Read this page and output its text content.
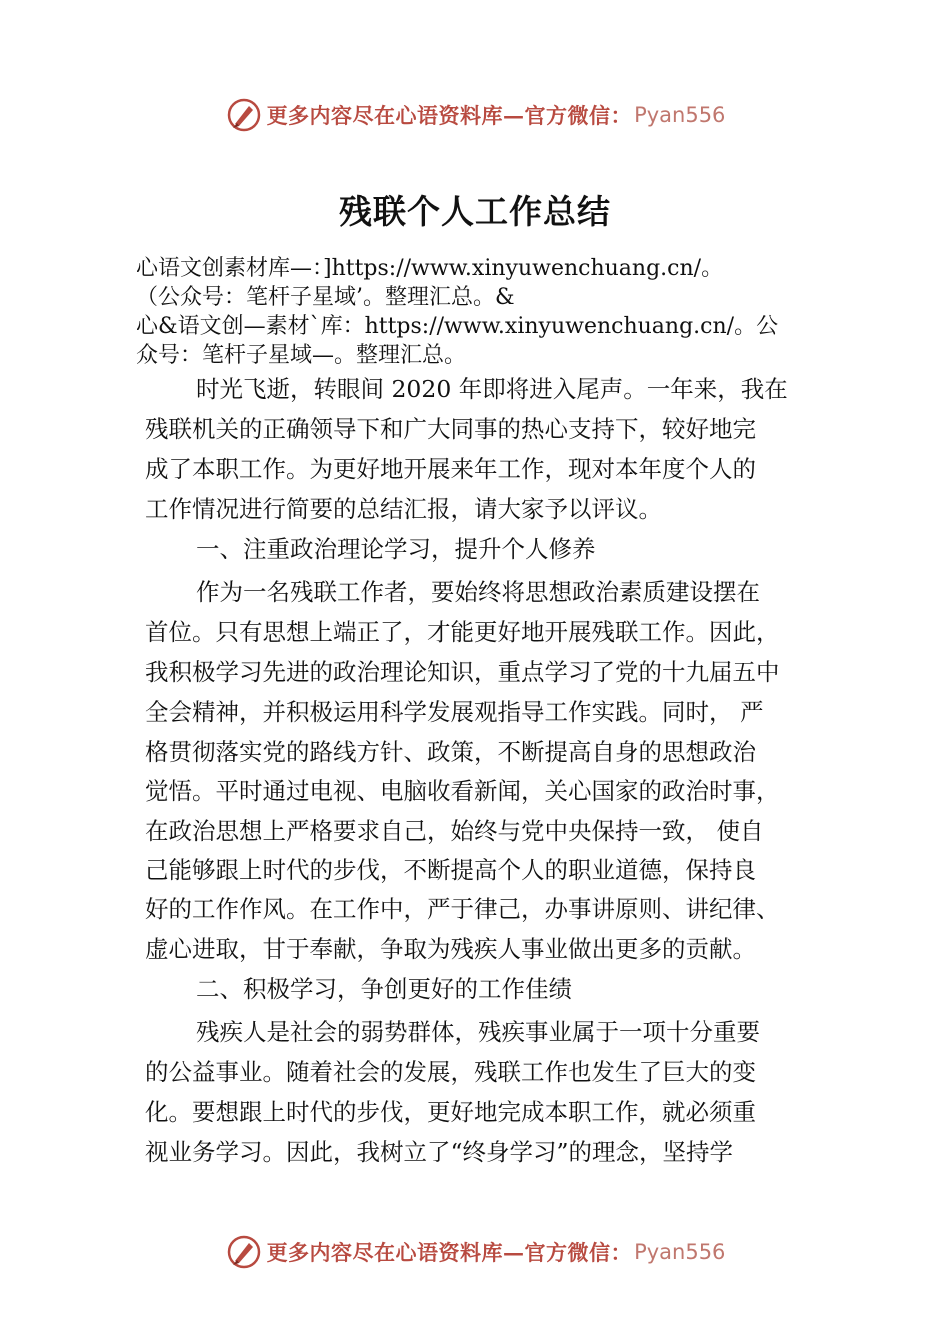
更多内容尽在心语资料库—官方微信： Pyan556
残联个人工作总结
心语文创素材库—：]https://www.xinyuwenchuang.cn/。
（公众号：笔杆子星域’。整理汇总。&
心&语文创—素材`库：https://www.xinyuwenchuang.cn/。公
众号：笔杆子星域—。整理汇总。
时光飞逝，转眼间 2020 年即将进入尾声。一年来，我在
残联机关的正确领导下和广大同事的热心支持下，较好地完
成了本职工作。为更好地开展来年工作，现对本年度个人的
工作情况进行简要的总结汇报，请大家予以评议。
一、注重政治理论学习，提升个人修养
作为一名残联工作者，要始终将思想政治素质建设摆在
首位。只有思想上端正了，才能更好地开展残联工作。因此，
我积极学习先进的政治理论知识，重点学习了党的十九届五中
全会精神，并积极运用科学发展观指导工作实践。同时， 严
格贯彻落实党的路线方针、政策，不断提高自身的思想政治
觉悟。平时通过电视、电脑收看新闻，关心国家的政治时事，
在政治思想上严格要求自己，始终与党中央保持一致， 使自
己能够跟上时代的步伐，不断提高个人的职业道德，保持良
好的工作作风。在工作中，严于律己，办事讲原则、讲纪律、
虚心进取，甘于奉献，争取为残疾人事业做出更多的贡献。
二、积极学习，争创更好的工作佳绩
残疾人是社会的弱势群体，残疾事业属于一项十分重要
的公益事业。随着社会的发展，残联工作也发生了巨大的变
化。要想跟上时代的步伐，更好地完成本职工作，就必须重
视业务学习。因此，我树立了“终身学习”的理念，坚持学
更多内容尽在心语资料库—官方微信： Pyan556
